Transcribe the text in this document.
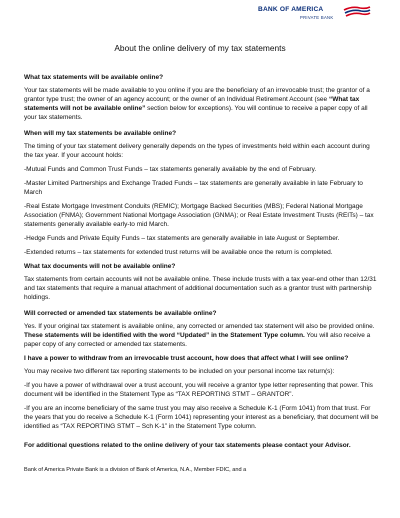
BANK OF AMERICA
PRIVATE BANK
About the online delivery of my tax statements

What tax statements will be available online?

Your tax statements will be made available to you online if you are the beneficiary of an irrevocable trust; the grantor of a grantor type trust; the owner of an agency account; or the owner of an Individual Retirement Account (see “What tax statements will not be available online” section below for exceptions). You will continue to receive a paper copy of all your tax statements.

When will my tax statements be available online?

The timing of your tax statement delivery generally depends on the types of investments held within each account during the tax year. If your account holds:

-Mutual Funds and Common Trust Funds – tax statements generally available by the end of February.

-Master Limited Partnerships and Exchange Traded Funds – tax statements are generally available in late February to March

-Real Estate Mortgage Investment Conduits (REMIC); Mortgage Backed Securities (MBS); Federal National Mortgage Association (FNMA); Government National Mortgage Association (GNMA); or Real Estate Investment Trusts (REITs) – tax statements generally available early-to mid March.

-Hedge Funds and Private Equity Funds – tax statements are generally available in late August or September.

-Extended returns – tax statements for extended trust returns will be available once the return is completed.

What tax documents will not be available online?

Tax statements from certain accounts will not be available online. These include trusts with a tax year-end other than 12/31 and tax statements that require a manual attachment of additional documentation such as a grantor trust with partnership holdings.

Will corrected or amended tax statements be available online?

Yes. If your original tax statement is available online, any corrected or amended tax statement will also be provided online. These statements will be identified with the word “Updated” in the Statement Type column. You will also receive a paper copy of any corrected or amended tax statements.

I have a power to withdraw from an irrevocable trust account, how does that affect what I will see online?

You may receive two different tax reporting statements to be included on your personal income tax return(s):

-If you have a power of withdrawal over a trust account, you will receive a grantor type letter representing that power. This document will be identified in the Statement Type as “TAX REPORTING STMT – GRANTOR”.

-If you are an income beneficiary of the same trust you may also receive a Schedule K-1 (Form 1041) from that trust. For the years that you do receive a Schedule K-1 (Form 1041) representing your interest as a beneficiary, that document will be identified as “TAX REPORTING STMT – Sch K-1” in the Statement Type column.

For additional questions related to the online delivery of your tax statements please contact your Advisor.

Bank of America Private Bank is a division of Bank of America, N.A., Member FDIC, and a
